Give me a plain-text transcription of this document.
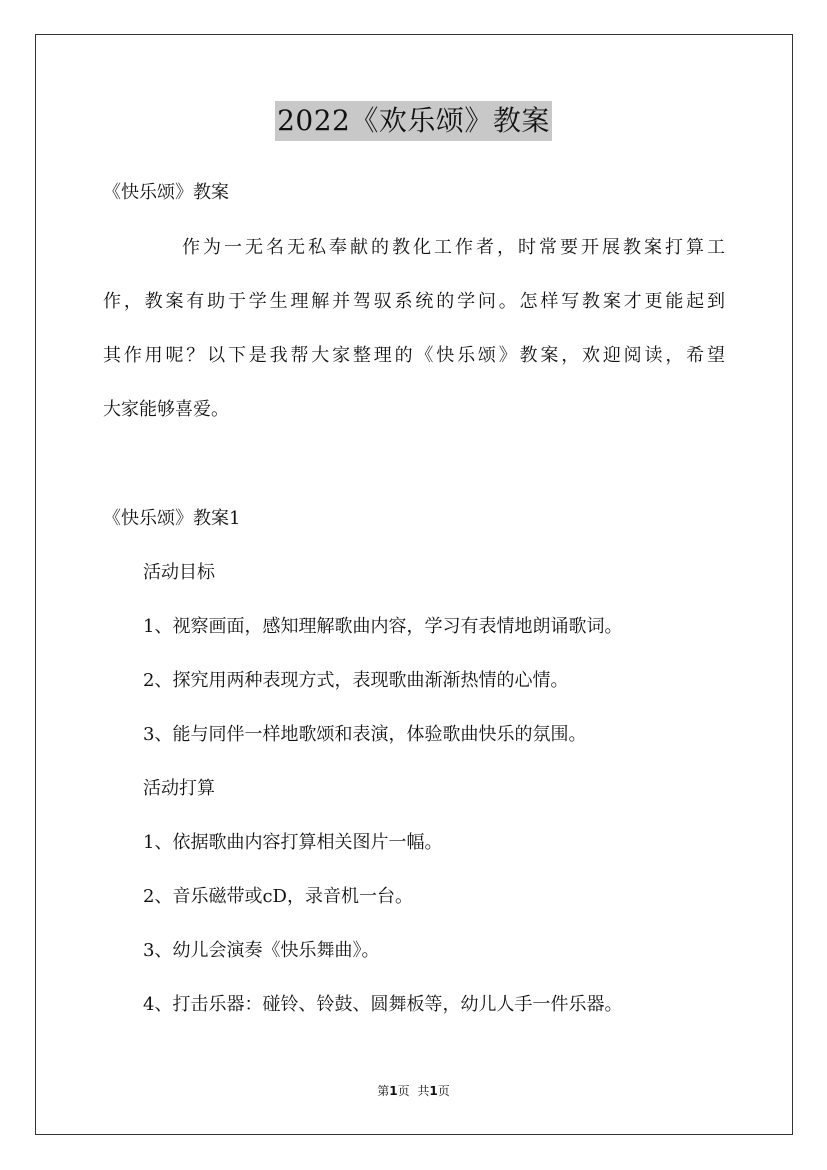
2022《欢乐颂》教案
《快乐颂》教案
作为一无名无私奉献的教化工作者，时常要开展教案打算工
作，教案有助于学生理解并驾驭系统的学问。怎样写教案才更能起到
其作用呢？以下是我帮大家整理的《快乐颂》教案，欢迎阅读，希望
大家能够喜爱。
《快乐颂》教案1
活动目标
1、视察画面，感知理解歌曲内容，学习有表情地朗诵歌词。
2、探究用两种表现方式，表现歌曲渐渐热情的心情。
3、能与同伴一样地歌颂和表演，体验歌曲快乐的氛围。
活动打算
1、依据歌曲内容打算相关图片一幅。
2、音乐磁带或cD，录音机一台。
3、幼儿会演奏《快乐舞曲》。
4、打击乐器：碰铃、铃鼓、圆舞板等，幼儿人手一件乐器。
第1页 共1页
